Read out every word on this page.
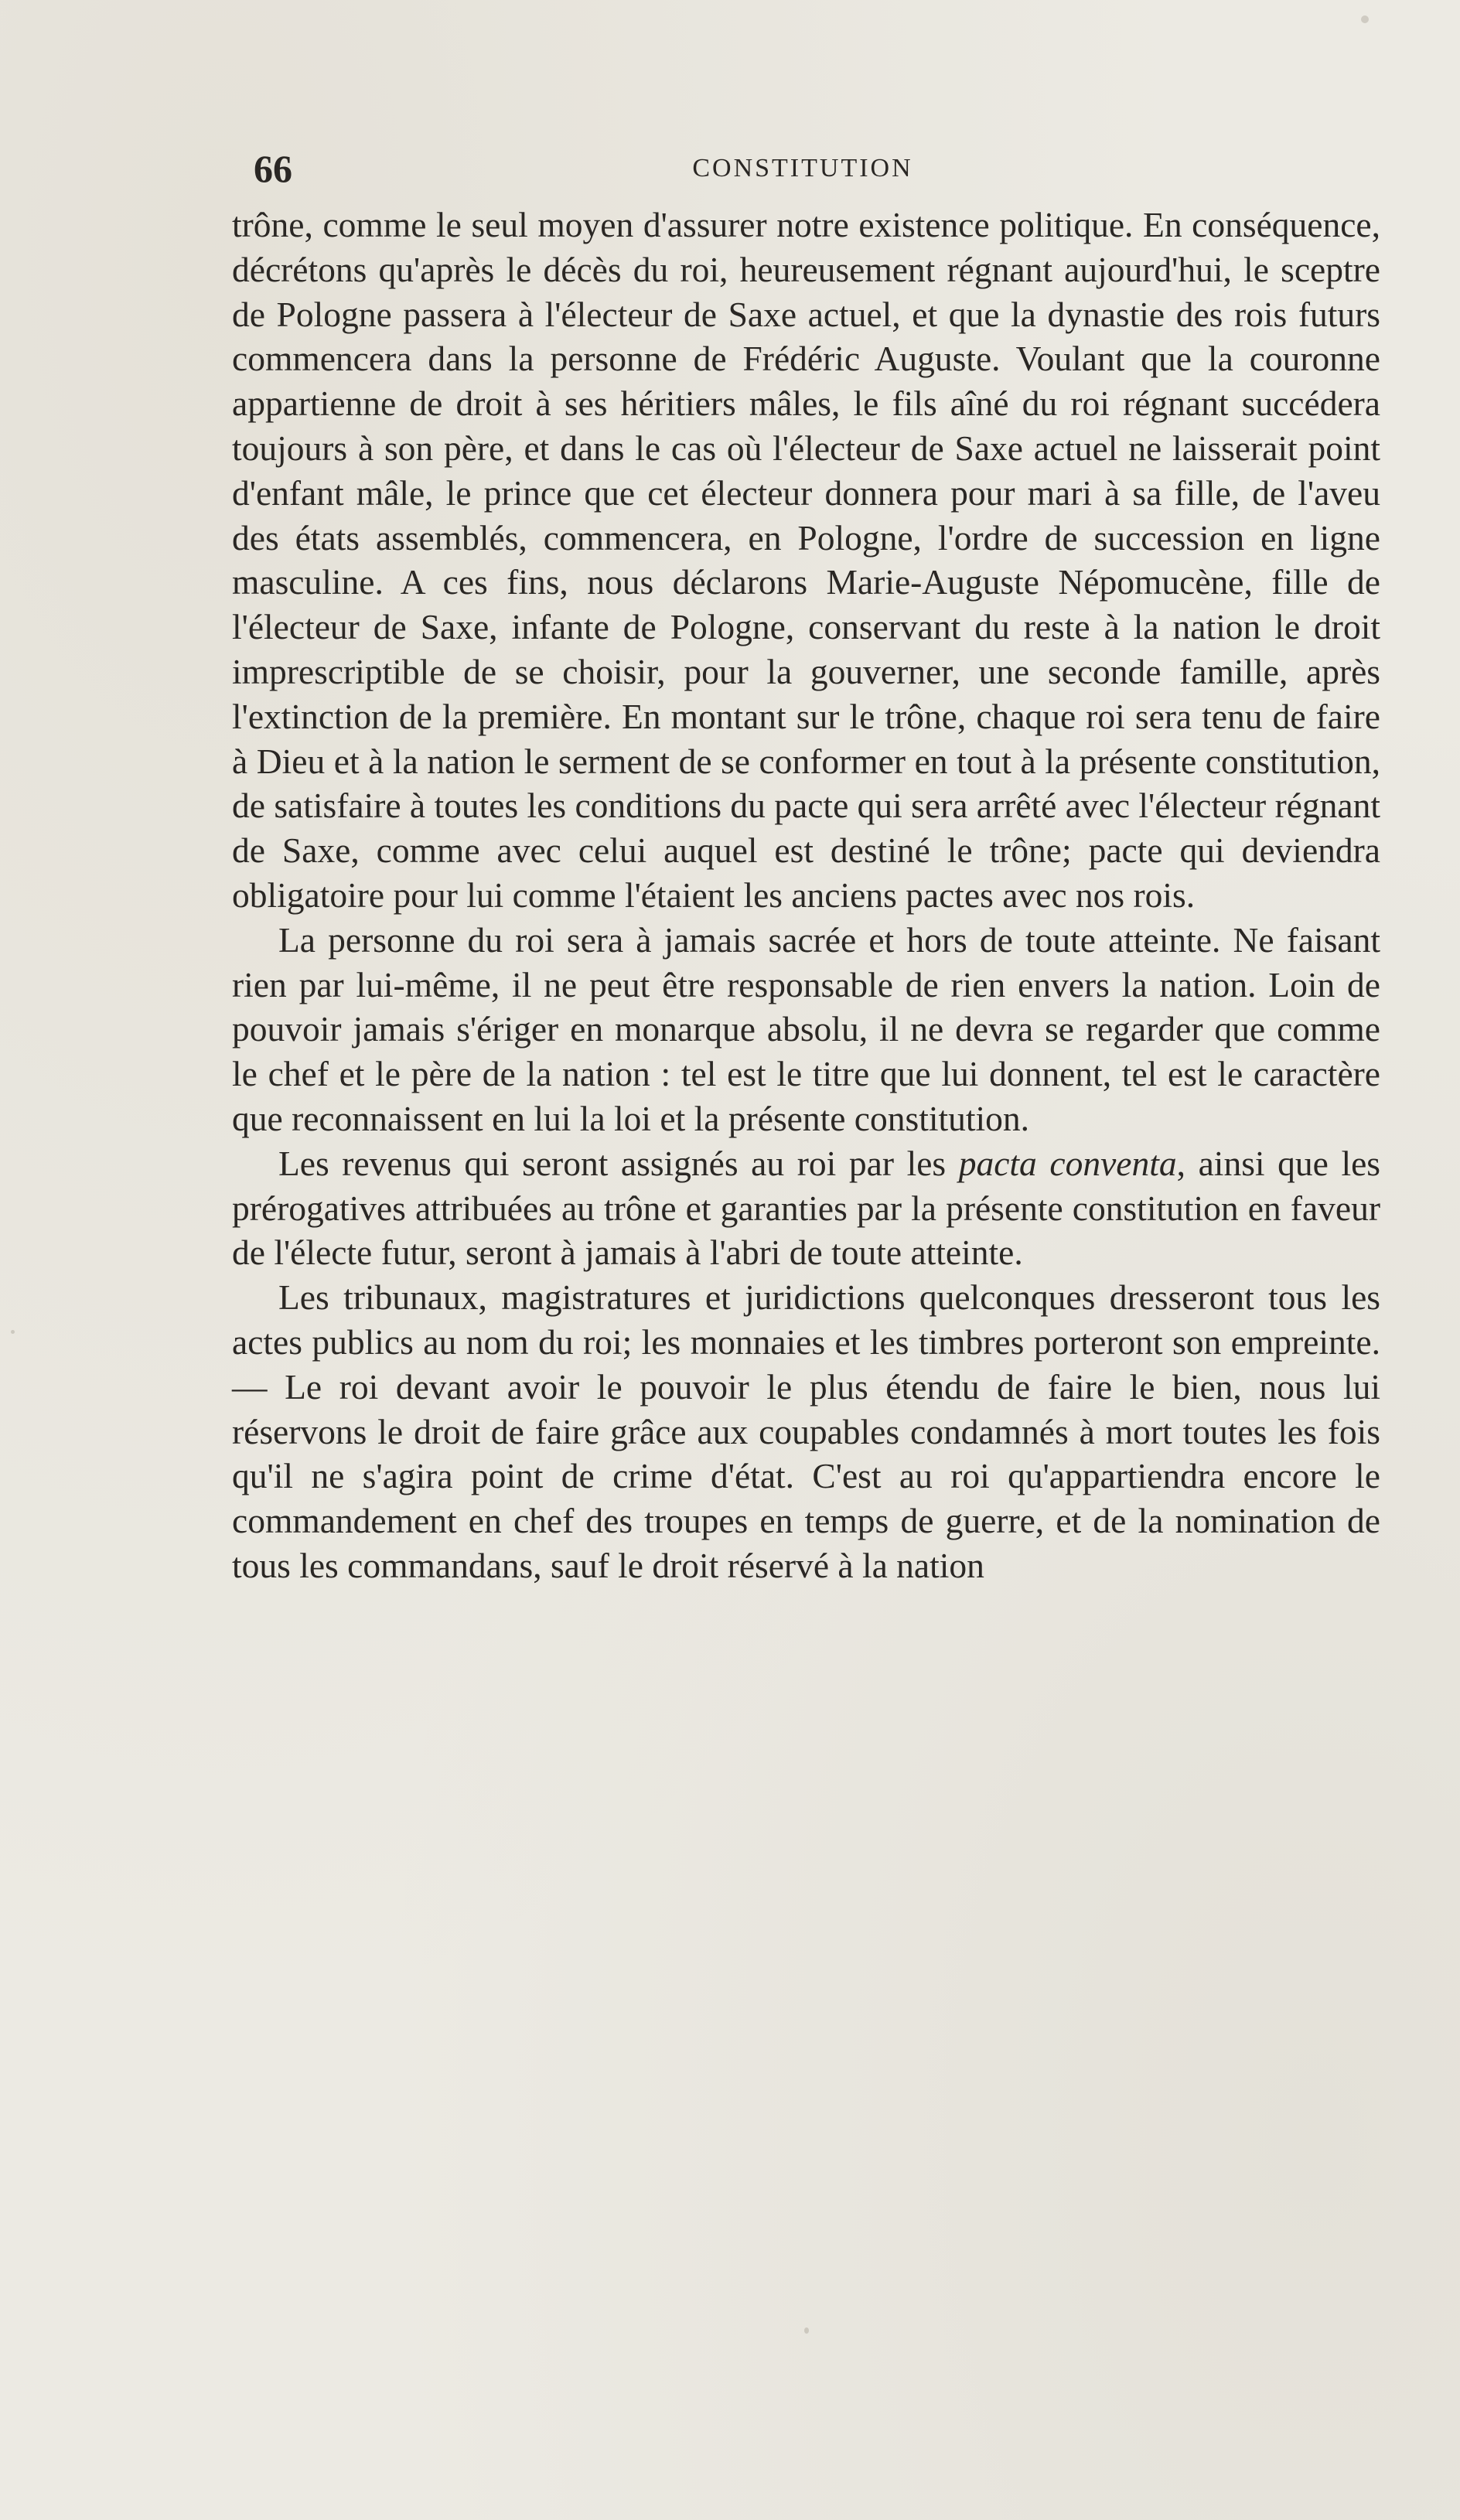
66	CONSTITUTION

trône, comme le seul moyen d'assurer notre existence politique. En conséquence, décrétons qu'après le décès du roi, heureusement régnant aujourd'hui, le sceptre de Pologne passera à l'électeur de Saxe actuel, et que la dynastie des rois futurs commencera dans la personne de Frédéric Auguste. Voulant que la couronne appartienne de droit à ses héritiers mâles, le fils aîné du roi régnant succédera toujours à son père, et dans le cas où l'électeur de Saxe actuel ne laisserait point d'enfant mâle, le prince que cet électeur donnera pour mari à sa fille, de l'aveu des états assemblés, commencera, en Pologne, l'ordre de succession en ligne masculine. A ces fins, nous déclarons Marie-Auguste Népomucène, fille de l'électeur de Saxe, infante de Pologne, conservant du reste à la nation le droit imprescriptible de se choisir, pour la gouverner, une seconde famille, après l'extinction de la première. En montant sur le trône, chaque roi sera tenu de faire à Dieu et à la nation le serment de se conformer en tout à la présente constitution, de satisfaire à toutes les conditions du pacte qui sera arrêté avec l'électeur régnant de Saxe, comme avec celui auquel est destiné le trône; pacte qui deviendra obligatoire pour lui comme l'étaient les anciens pactes avec nos rois.

La personne du roi sera à jamais sacrée et hors de toute atteinte. Ne faisant rien par lui-même, il ne peut être responsable de rien envers la nation. Loin de pouvoir jamais s'ériger en monarque absolu, il ne devra se regarder que comme le chef et le père de la nation : tel est le titre que lui donnent, tel est le caractère que reconnaissent en lui la loi et la présente constitution.

Les revenus qui seront assignés au roi par les pacta conventa, ainsi que les prérogatives attribuées au trône et garanties par la présente constitution en faveur de l'électe futur, seront à jamais à l'abri de toute atteinte.

Les tribunaux, magistratures et juridictions quelconques dresseront tous les actes publics au nom du roi; les monnaies et les timbres porteront son empreinte. — Le roi devant avoir le pouvoir le plus étendu de faire le bien, nous lui réservons le droit de faire grâce aux coupables condamnés à mort toutes les fois qu'il ne s'agira point de crime d'état. C'est au roi qu'appartiendra encore le commandement en chef des troupes en temps de guerre, et de la nomination de tous les commandans, sauf le droit réservé à la nation
